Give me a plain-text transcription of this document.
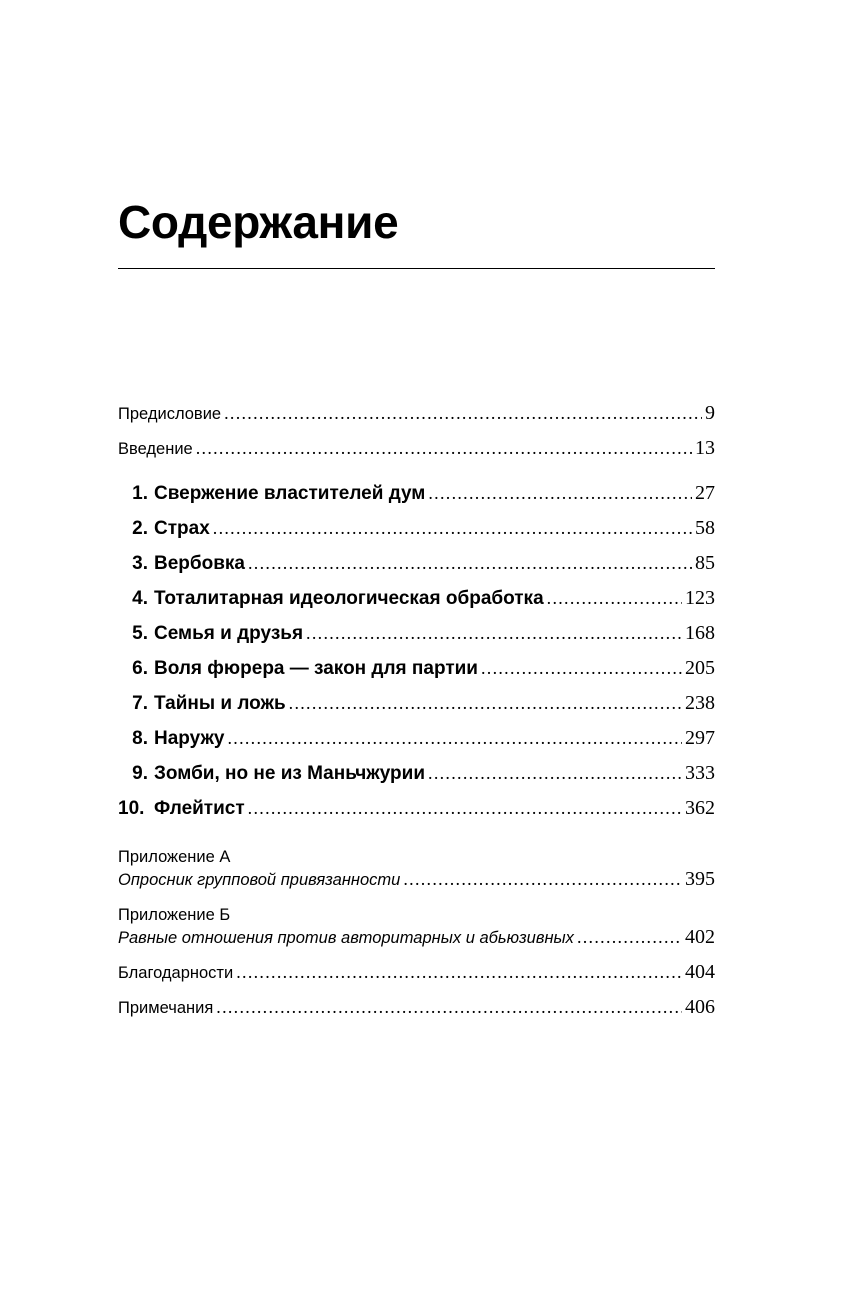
Содержание
Предисловие . . .	9
Введение . . .	13
1. Свержение властителей дум . . .	27
2. Страх . . .	58
3. Вербовка . . .	85
4. Тоталитарная идеологическая обработка . . .	123
5. Семья и друзья . . .	168
6. Воля фюрера — закон для партии . . .	205
7. Тайны и ложь . . .	238
8. Наружу . . .	297
9. Зомби, но не из Маньчжурии . . .	333
10. Флейтист . . .	362
Приложение А
Опросник групповой привязанности . . .	395
Приложение Б
Равные отношения против авторитарных и абьюзивных . . .	402
Благодарности . . .	404
Примечания . . .	406
